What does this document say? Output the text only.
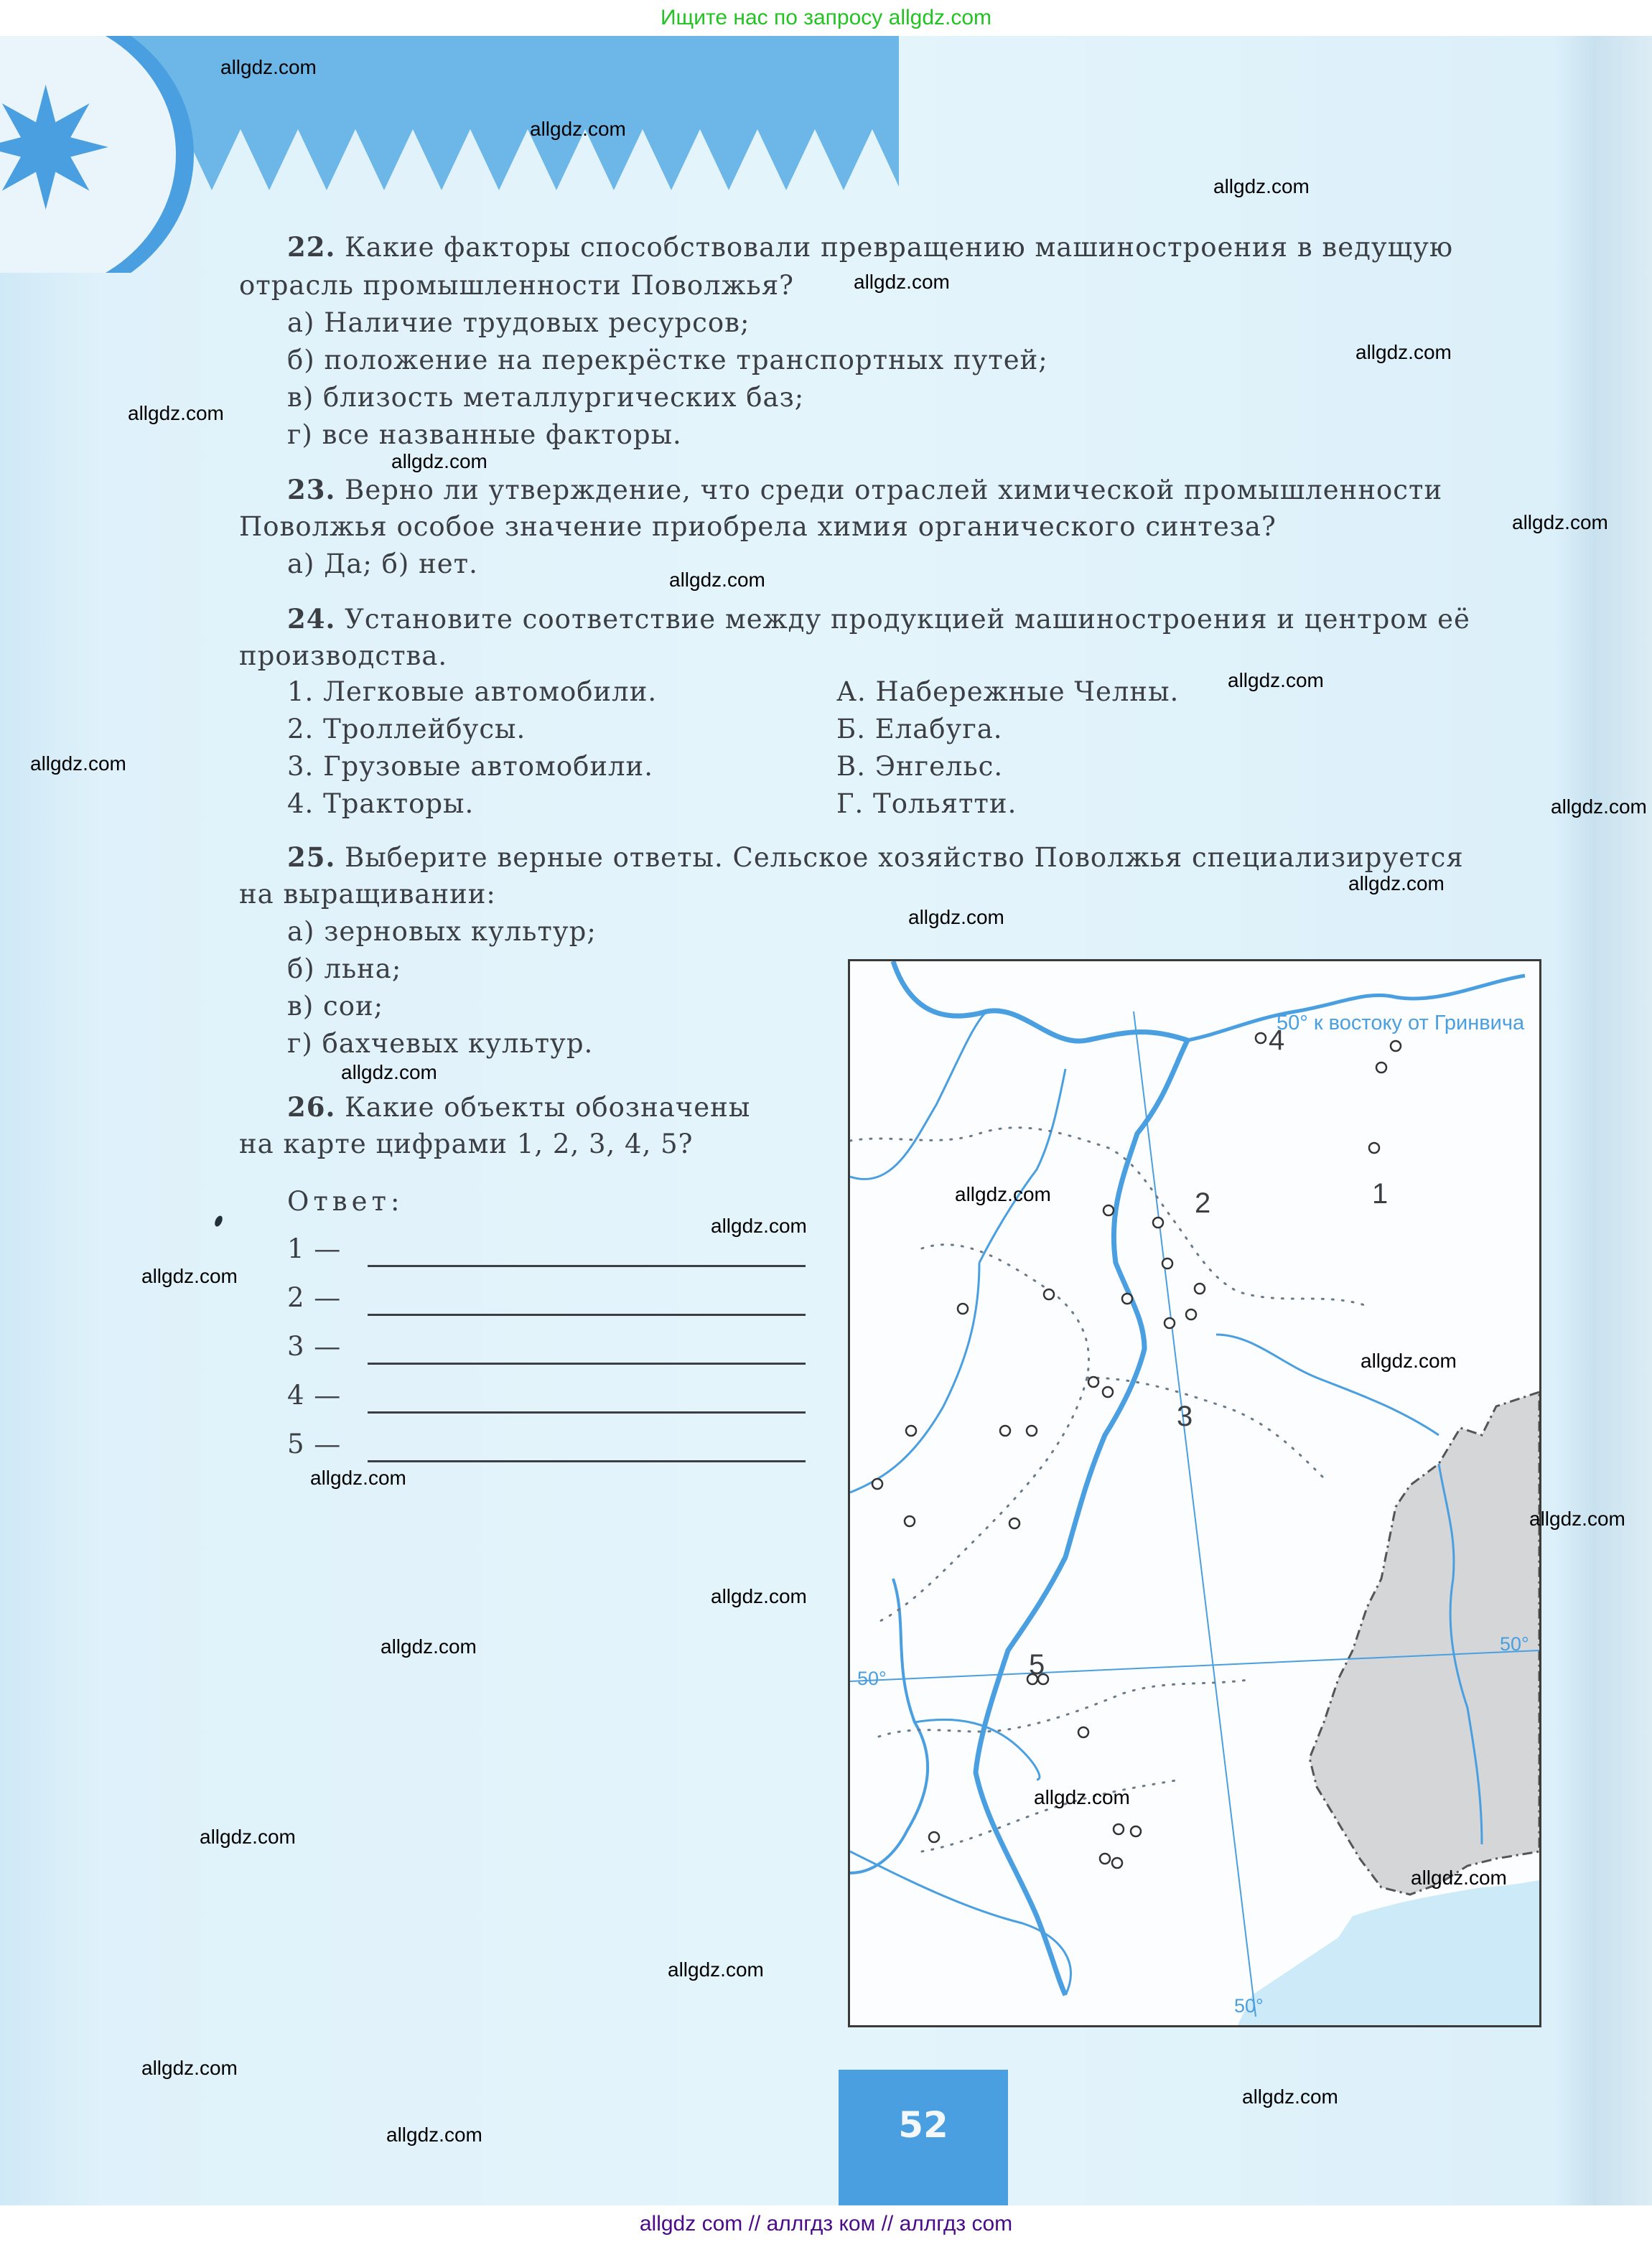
Ищите нас по запросу allgdz.com
22. Какие факторы способствовали превращению машиностроения в ведущую
отрасль промышленности Поволжья?
а) Наличие трудовых ресурсов;
б) положение на перекрёстке транспортных путей;
в) близость металлургических баз;
г) все названные факторы.
23. Верно ли утверждение, что среди отраслей химической промышленности
Поволжья особое значение приобрела химия органического синтеза?
а) Да; б) нет.
24. Установите соответствие между продукцией машиностроения и центром её
производства.
1. Легковые автомобили.
2. Троллейбусы.
3. Грузовые автомобили.
4. Тракторы.
А. Набережные Челны.
Б. Елабуга.
В. Энгельс.
Г. Тольятти.
25. Выберите верные ответы. Сельское хозяйство Поволжья специализируется
на выращивании:
а) зерновых культур;
б) льна;
в) сои;
г) бахчевых культур.
26. Какие объекты обозначены
на карте цифрами 1, 2, 3, 4, 5?
Ответ:
1 —
2 —
3 —
4 —
5 —
50° к востоку от Гринвича
50°
50°
50°
1
2
3
4
5
allgdz.com
allgdz.com
allgdz.com
allgdz.com
allgdz.com
allgdz.com
allgdz.com
allgdz.com
allgdz.com
allgdz.com
allgdz.com
allgdz.com
allgdz.com
allgdz.com
allgdz.com
allgdz.com
allgdz.com
allgdz.com
allgdz.com
allgdz.com
allgdz.com
allgdz.com
allgdz.com
allgdz.com
allgdz.com
allgdz.com
allgdz.com
allgdz.com
allgdz.com
allgdz.com	52
allgdz com // аллгдз ком // аллгдз com
